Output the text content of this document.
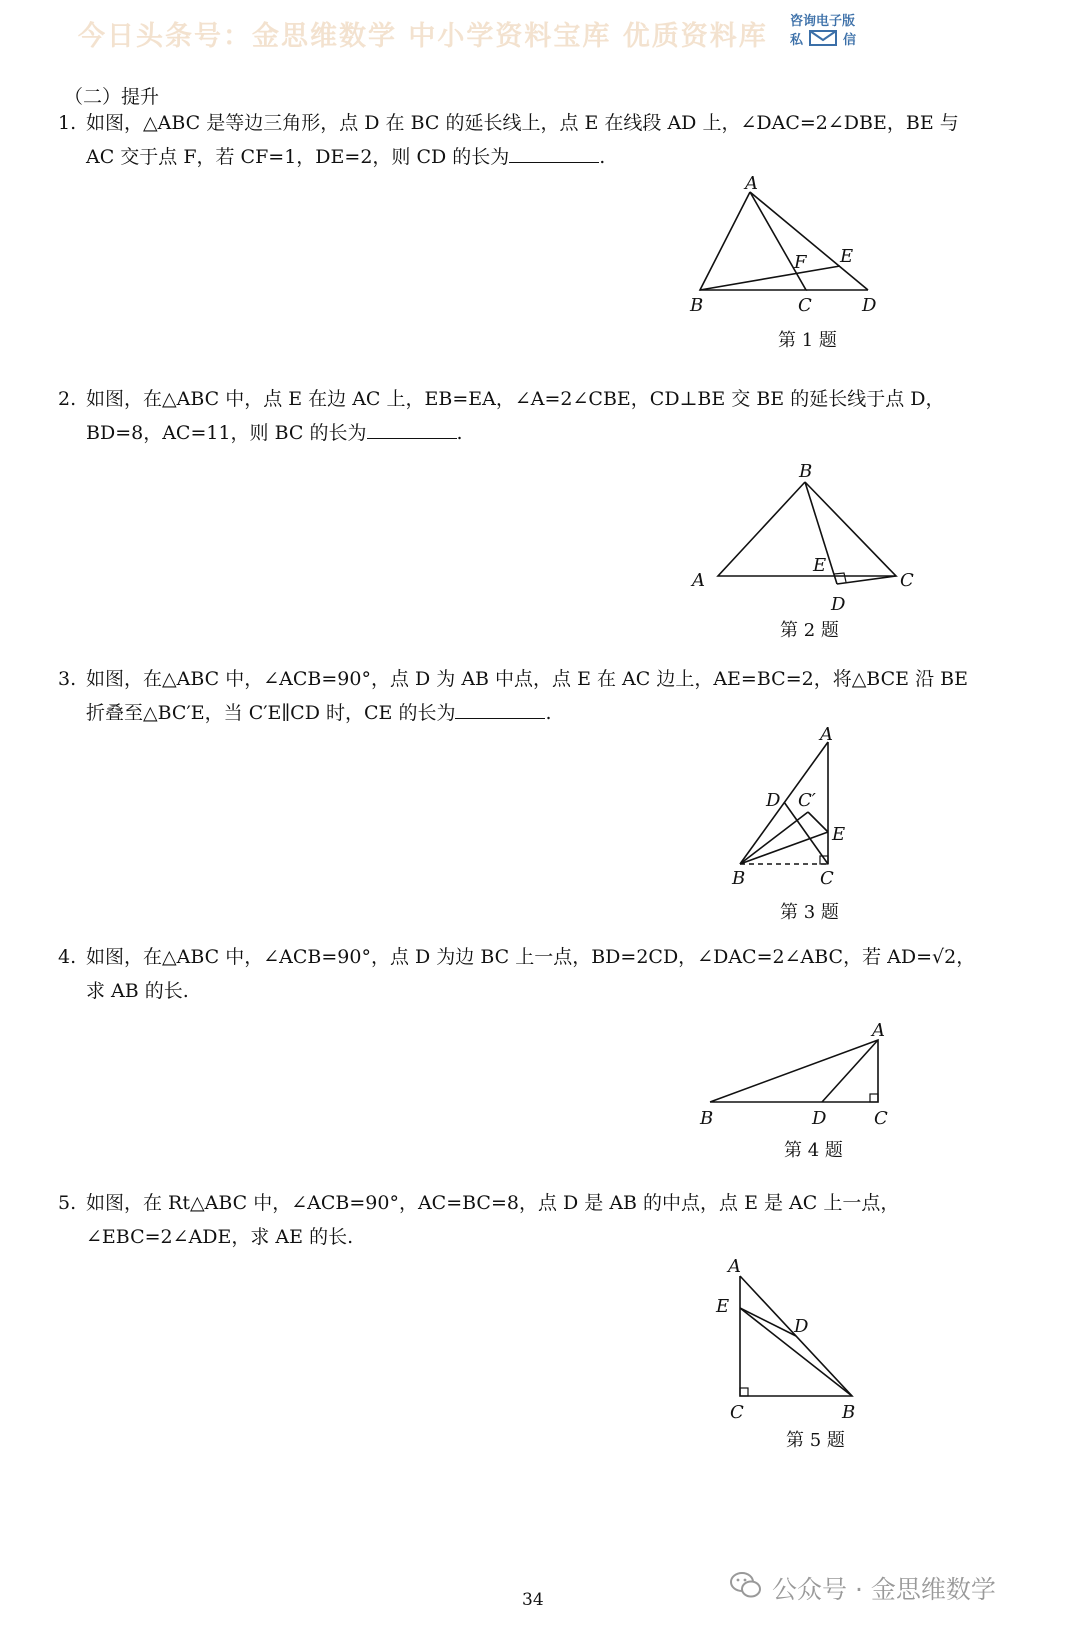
今日头条号：金思维数学 中小学资料宝库 优质资料库	咨询电子版
私	信
（二）提升
1. 如图，△ABC 是等边三角形，点 D 在 BC 的延长线上，点 E 在线段 AD 上，∠DAC=2∠DBE，BE 与
AC 交于点 F，若 CF=1，DE=2，则 CD 的长为	.
A
B	C	D
E
F
第 1 题
2. 如图，在△ABC 中，点 E 在边 AC 上，EB=EA，∠A=2∠CBE，CD⊥BE 交 BE 的延长线于点 D，
BD=8，AC=11，则 BC 的长为	.
B
A	C
E
D
第 2 题
3. 如图，在△ABC 中，∠ACB=90°，点 D 为 AB 中点，点 E 在 AC 边上，AE=BC=2，将△BCE 沿 BE
折叠至△BC′E，当 C′E∥CD 时，CE 的长为	.
A
D C′
E
B	C
第 3 题
4. 如图，在△ABC 中，∠ACB=90°，点 D 为边 BC 上一点，BD=2CD，∠DAC=2∠ABC，若 AD=√2，
求 AB 的长.
A
B	D	C
第 4 题
5. 如图，在 Rt△ABC 中，∠ACB=90°，AC=BC=8，点 D 是 AB 的中点，点 E 是 AC 上一点，
∠EBC=2∠ADE，求 AE 的长.
A
E
D
C	B
第 5 题
公众号 · 金思维数学
34
